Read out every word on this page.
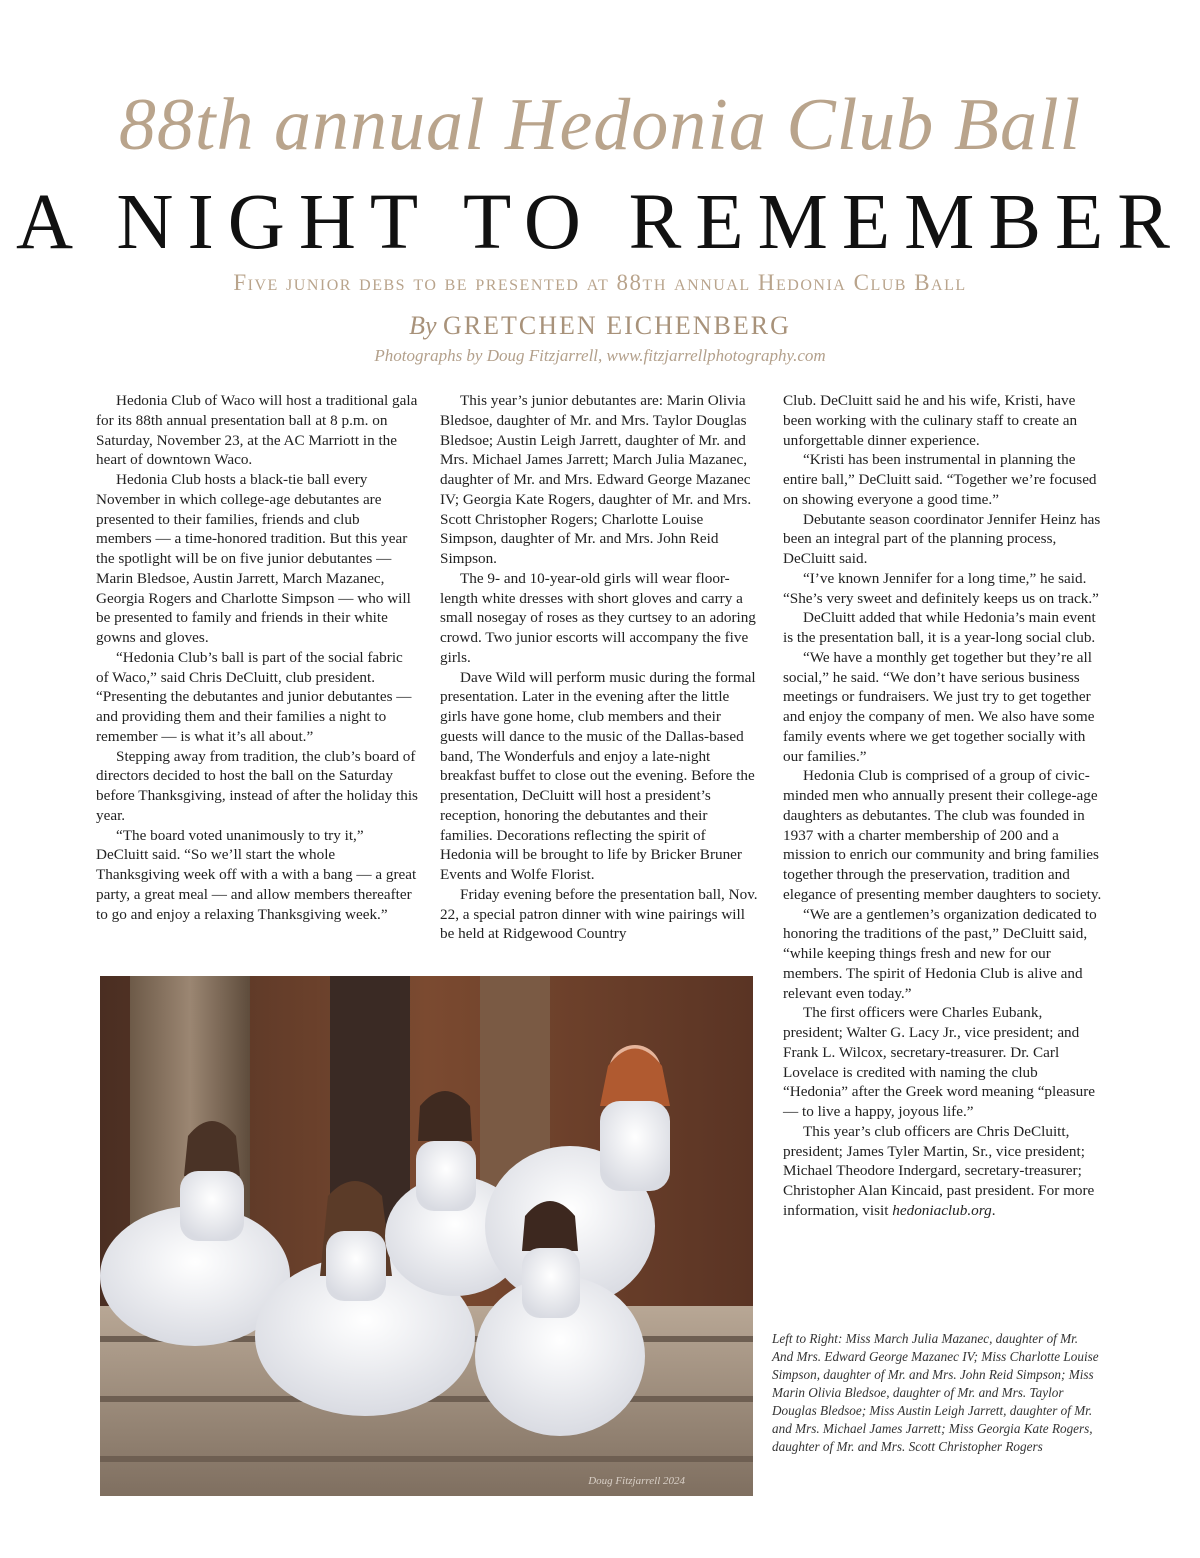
88th annual Hedonia Club Ball
A NIGHT TO REMEMBER
Five junior debs to be presented at 88th annual Hedonia Club Ball
By GRETCHEN EICHENBERG
Photographs by Doug Fitzjarrell, www.fitzjarrellphotography.com

Hedonia Club of Waco will host a traditional gala for its 88th annual presentation ball at 8 p.m. on Saturday, November 23, at the AC Marriott in the heart of downtown Waco.

Hedonia Club hosts a black-tie ball every November in which college-age debutantes are presented to their families, friends and club members — a time-honored tradition. But this year the spotlight will be on five junior debutantes — Marin Bledsoe, Austin Jarrett, March Mazanec, Georgia Rogers and Charlotte Simpson — who will be presented to family and friends in their white gowns and gloves.

“Hedonia Club’s ball is part of the social fabric of Waco,” said Chris DeCluitt, club president. “Presenting the debutantes and junior debutantes — and providing them and their families a night to remember — is what it’s all about.”

Stepping away from tradition, the club’s board of directors decided to host the ball on the Saturday before Thanksgiving, instead of after the holiday this year.

“The board voted unanimously to try it,” DeCluitt said. “So we’ll start the whole Thanksgiving week off with a with a bang — a great party, a great meal — and allow members thereafter to go and enjoy a relaxing Thanksgiving week.”

This year’s junior debutantes are: Marin Olivia Bledsoe, daughter of Mr. and Mrs. Taylor Douglas Bledsoe; Austin Leigh Jarrett, daughter of Mr. and Mrs. Michael James Jarrett; March Julia Mazanec, daughter of Mr. and Mrs. Edward George Mazanec IV; Georgia Kate Rogers, daughter of Mr. and Mrs. Scott Christopher Rogers; Charlotte Louise Simpson, daughter of Mr. and Mrs. John Reid Simpson.

The 9- and 10-year-old girls will wear floor-length white dresses with short gloves and carry a small nosegay of roses as they curtsey to an adoring crowd. Two junior escorts will accompany the five girls.

Dave Wild will perform music during the formal presentation. Later in the evening after the little girls have gone home, club members and their guests will dance to the music of the Dallas-based band, The Wonderfuls and enjoy a late-night breakfast buffet to close out the evening. Before the presentation, DeCluitt will host a president’s reception, honoring the debutantes and their families. Decorations reflecting the spirit of Hedonia will be brought to life by Bricker Bruner Events and Wolfe Florist.

Friday evening before the presentation ball, Nov. 22, a special patron dinner with wine pairings will be held at Ridgewood Country

Club. DeCluitt said he and his wife, Kristi, have been working with the culinary staff to create an unforgettable dinner experience.

“Kristi has been instrumental in planning the entire ball,” DeCluitt said. “Together we’re focused on showing everyone a good time.”

Debutante season coordinator Jennifer Heinz has been an integral part of the planning process, DeCluitt said.

“I’ve known Jennifer for a long time,” he said. “She’s very sweet and definitely keeps us on track.”

DeCluitt added that while Hedonia’s main event is the presentation ball, it is a year-long social club.

“We have a monthly get together but they’re all social,” he said. “We don’t have serious business meetings or fundraisers. We just try to get together and enjoy the company of men. We also have some family events where we get together socially with our families.”

Hedonia Club is comprised of a group of civic-minded men who annually present their college-age daughters as debutantes. The club was founded in 1937 with a charter membership of 200 and a mission to enrich our community and bring families together through the preservation, tradition and elegance of presenting member daughters to society.

“We are a gentlemen’s organization dedicated to honoring the traditions of the past,” DeCluitt said, “while keeping things fresh and new for our members. The spirit of Hedonia Club is alive and relevant even today.”

The first officers were Charles Eubank, president; Walter G. Lacy Jr., vice president; and Frank L. Wilcox, secretary-treasurer. Dr. Carl Lovelace is credited with naming the club “Hedonia” after the Greek word meaning “pleasure — to live a happy, joyous life.”

This year’s club officers are Chris DeCluitt, president; James Tyler Martin, Sr., vice president; Michael Theodore Indergard, secretary-treasurer; Christopher Alan Kincaid, past president. For more information, visit hedoniaclub.org.

Doug Fitzjarrell 2024
Left to Right: Miss March Julia Mazanec, daughter of Mr. And Mrs. Edward George Mazanec IV; Miss Charlotte Louise Simpson, daughter of Mr. and Mrs. John Reid Simpson; Miss Marin Olivia Bledsoe, daughter of Mr. and Mrs. Taylor Douglas Bledsoe; Miss Austin Leigh Jarrett, daughter of Mr. and Mrs. Michael James Jarrett; Miss Georgia Kate Rogers, daughter of Mr. and Mrs. Scott Christopher Rogers
